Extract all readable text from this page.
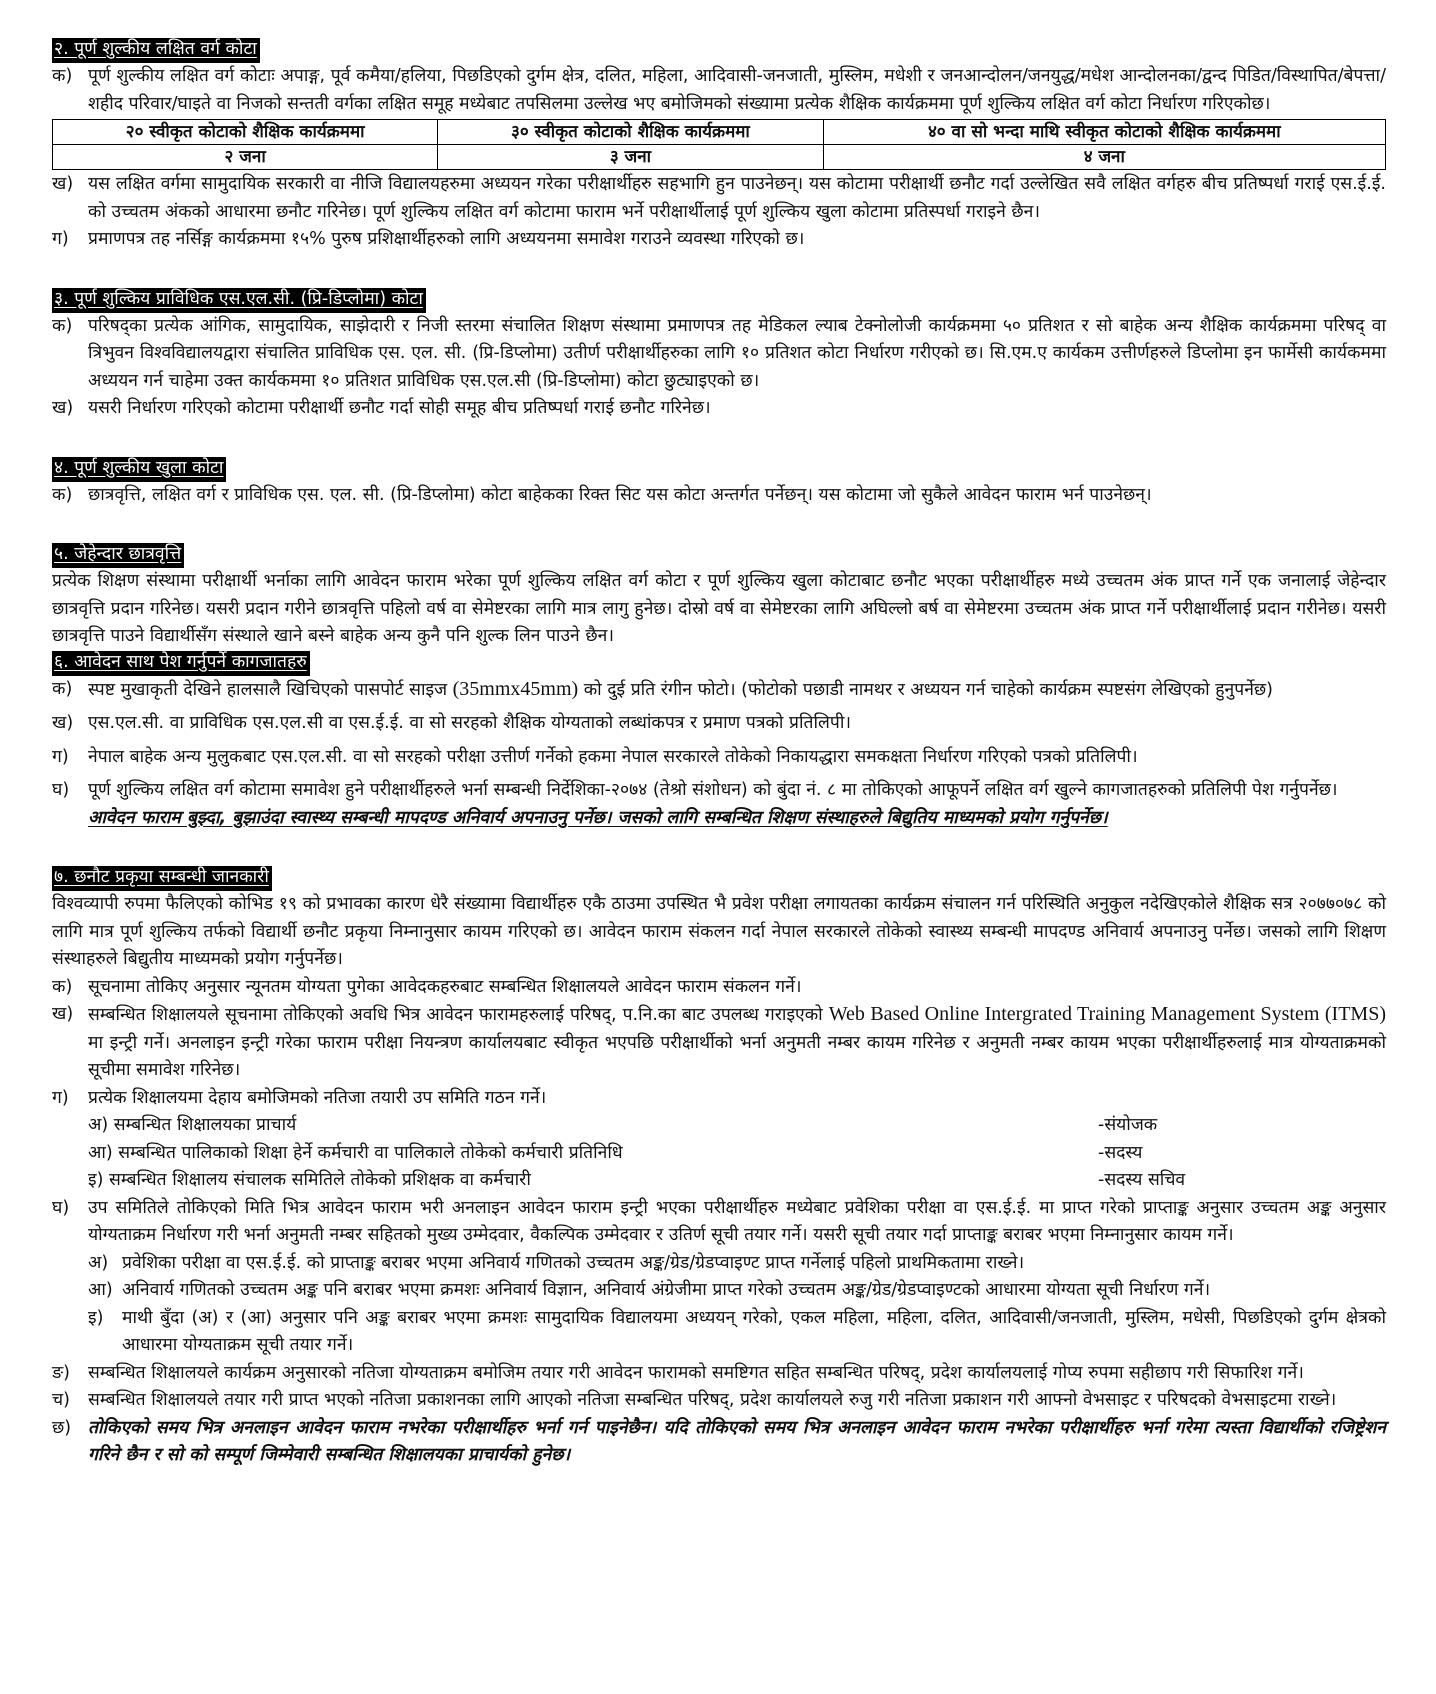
२. पूर्ण शुल्कीय लक्षित वर्ग कोटा
क) पूर्ण शुल्कीय लक्षित वर्ग कोटाः अपाङ्ग, पूर्व कमैया/हलिया, पिछडिएको दुर्गम क्षेत्र, दलित, महिला, आदिवासी-जनजाती, मुस्लिम, मधेशी र जनआन्दोलन/जनयुद्ध/मधेश आन्दोलनका/द्वन्द पिडित/विस्थापित/बेपत्ता/शहीद परिवार/घाइते वा निजको सन्तती वर्गका लक्षित समूह मध्येबाट तपसिलमा उल्लेख भए बमोजिमको संख्यामा प्रत्येक शैक्षिक कार्यक्रममा पूर्ण शुल्किय लक्षित वर्ग कोटा निर्धारण गरिएकोछ।
२० स्वीकृत कोटाको शैक्षिक कार्यक्रममा	३० स्वीकृत कोटाको शैक्षिक कार्यक्रममा	४० वा सो भन्दा माथि स्वीकृत कोटाको शैक्षिक कार्यक्रममा
२ जना	३ जना	४ जना
ख) यस लक्षित वर्गमा सामुदायिक सरकारी वा नीजि विद्यालयहरुमा अध्ययन गरेका परीक्षार्थीहरु सहभागि हुन पाउनेछन्। यस कोटामा परीक्षार्थी छनौट गर्दा उल्लेखित सवै लक्षित वर्गहरु बीच प्रतिष्पर्धा गराई एस.ई.ई. को उच्चतम अंकको आधारमा छनौट गरिनेछ। पूर्ण शुल्किय लक्षित वर्ग कोटामा फाराम भर्ने परीक्षार्थीलाई पूर्ण शुल्किय खुला कोटामा प्रतिस्पर्धा गराइने छैन।
ग) प्रमाणपत्र तह नर्सिङ्ग कार्यक्रममा १५% पुरुष प्रशिक्षार्थीहरुको लागि अध्ययनमा समावेश गराउने व्यवस्था गरिएको छ।
३. पूर्ण शुल्किय प्राविधिक एस.एल.सी. (प्रि-डिप्लोमा) कोटा
क) परिषद्का प्रत्येक आंगिक, सामुदायिक, साझेदारी र निजी स्तरमा संचालित शिक्षण संस्थामा प्रमाणपत्र तह मेडिकल ल्याब टेक्नोलोजी कार्यक्रममा ५० प्रतिशत र सो बाहेक अन्य शैक्षिक कार्यक्रममा परिषद् वा त्रिभुवन विश्वविद्यालयद्वारा संचालित प्राविधिक एस. एल. सी. (प्रि-डिप्लोमा) उतीर्ण परीक्षार्थीहरुका लागि १० प्रतिशत कोटा निर्धारण गरीएको छ। सि.एम.ए कार्यकम उत्तीर्णहरुले डिप्लोमा इन फार्मेसी कार्यकममा अध्ययन गर्न चाहेमा उक्त कार्यकममा १० प्रतिशत प्राविधिक एस.एल.सी (प्रि-डिप्लोमा) कोटा छुट्याइएको छ।
ख) यसरी निर्धारण गरिएको कोटामा परीक्षार्थी छनौट गर्दा सोही समूह बीच प्रतिष्पर्धा गराई छनौट गरिनेछ।
४. पूर्ण शुल्कीय खुला कोटा
क) छात्रवृत्ति, लक्षित वर्ग र प्राविधिक एस. एल. सी. (प्रि-डिप्लोमा) कोटा बाहेकका रिक्त सिट यस कोटा अन्तर्गत पर्नेछन्। यस कोटामा जो सुकैले आवेदन फाराम भर्न पाउनेछन्।
५. जेहेन्दार छात्रवृत्ति
प्रत्येक शिक्षण संस्थामा परीक्षार्थी भर्नाका लागि आवेदन फाराम भरेका पूर्ण शुल्किय लक्षित वर्ग कोटा र पूर्ण शुल्किय खुला कोटाबाट छनौट भएका परीक्षार्थीहरु मध्ये उच्चतम अंक प्राप्त गर्ने एक जनालाई जेहेन्दार छात्रवृत्ति प्रदान गरिनेछ। यसरी प्रदान गरीने छात्रवृत्ति पहिलो वर्ष वा सेमेष्टरका लागि मात्र लागु हुनेछ। दोस्रो वर्ष वा सेमेष्टरका लागि अघिल्लो बर्ष वा सेमेष्टरमा उच्चतम अंक प्राप्त गर्ने परीक्षार्थीलाई प्रदान गरीनेछ। यसरी छात्रवृत्ति पाउने विद्यार्थीसँग संस्थाले खाने बस्ने बाहेक अन्य कुनै पनि शुल्क लिन पाउने छैन।
६. आवेदन साथ पेश गर्नुपर्ने कागजातहरु
क) स्पष्ट मुखाकृती देखिने हालसालै खिचिएको पासपोर्ट साइज (35mmx45mm) को दुई प्रति रंगीन फोटो। (फोटोको पछाडी नामथर र अध्ययन गर्न चाहेको कार्यक्रम स्पष्टसंग लेखिएको हुनुपर्नेछ)
ख) एस.एल.सी. वा प्राविधिक एस.एल.सी वा एस.ई.ई. वा सो सरहको शैक्षिक योग्यताको लब्धांकपत्र र प्रमाण पत्रको प्रतिलिपी।
ग) नेपाल बाहेक अन्य मुलुकबाट एस.एल.सी. वा सो सरहको परीक्षा उत्तीर्ण गर्नेको हकमा नेपाल सरकारले तोकेको निकायद्धारा समकक्षता निर्धारण गरिएको पत्रको प्रतिलिपी।
घ) पूर्ण शुल्किय लक्षित वर्ग कोटामा समावेश हुने परीक्षार्थीहरुले भर्ना सम्बन्धी निर्देशिका-२०७४ (तेश्रो संशोधन) को बुंदा नं. ८ मा तोकिएको आफूपर्ने लक्षित वर्ग खुल्ने कागजातहरुको प्रतिलिपी पेश गर्नुपर्नेछ।
आवेदन फाराम बुझ्दा, बुझाउंदा स्वास्थ्य सम्बन्धी मापदण्ड अनिवार्य अपनाउनु पर्नेछ। जसको लागि सम्बन्धित शिक्षण संस्थाहरुले बिद्युतिय माध्यमको प्रयोग गर्नुपर्नेछ।
७. छनौट प्रकृया सम्बन्धी जानकारी
विश्वव्यापी रुपमा फैलिएको कोभिड १९ को प्रभावका कारण धेरै संख्यामा विद्यार्थीहरु एकै ठाउमा उपस्थित भै प्रवेश परीक्षा लगायतका कार्यक्रम संचालन गर्न परिस्थिति अनुकुल नदेखिएकोले शैक्षिक सत्र २०७७०७८ को लागि मात्र पूर्ण शुल्किय तर्फको विद्यार्थी छनौट प्रकृया निम्नानुसार कायम गरिएको छ। आवेदन फाराम संकलन गर्दा नेपाल सरकारले तोकेको स्वास्थ्य सम्बन्धी मापदण्ड अनिवार्य अपनाउनु पर्नेछ। जसको लागि शिक्षण संस्थाहरुले बिद्युतीय माध्यमको प्रयोग गर्नुपर्नेछ।
क) सूचनामा तोकिए अनुसार न्यूनतम योग्यता पुगेका आवेदकहरुबाट सम्बन्धित शिक्षालयले आवेदन फाराम संकलन गर्ने।
ख) सम्बन्धित शिक्षालयले सूचनामा तोकिएको अवधि भित्र आवेदन फारामहरुलाई परिषद्, प.नि.का बाट उपलब्ध गराइएको Web Based Online Intergrated Training Management System (ITMS) मा इन्ट्री गर्ने। अनलाइन इन्ट्री गरेका फाराम परीक्षा नियन्त्रण कार्यालयबाट स्वीकृत भएपछि परीक्षार्थीको भर्ना अनुमती नम्बर कायम गरिनेछ र अनुमती नम्बर कायम भएका परीक्षार्थीहरुलाई मात्र योग्यताक्रमको सूचीमा समावेश गरिनेछ।
ग) प्रत्येक शिक्षालयमा देहाय बमोजिमको नतिजा तयारी उप समिति गठन गर्ने।
अ) सम्बन्धित शिक्षालयका प्राचार्य	-संयोजक
आ) सम्बन्धित पालिकाको शिक्षा हेर्ने कर्मचारी वा पालिकाले तोकेको कर्मचारी प्रतिनिधि	-सदस्य
इ) सम्बन्धित शिक्षालय संचालक समितिले तोकेको प्रशिक्षक वा कर्मचारी	-सदस्य सचिव
घ) उप समितिले तोकिएको मिति भित्र आवेदन फाराम भरी अनलाइन आवेदन फाराम इन्ट्री भएका परीक्षार्थीहरु मध्येबाट प्रवेशिका परीक्षा वा एस.ई.ई. मा प्राप्त गरेको प्राप्ताङ्क अनुसार उच्चतम अङ्क अनुसार योग्यताक्रम निर्धारण गरी भर्ना अनुमती नम्बर सहितको मुख्य उम्मेदवार, वैकल्पिक उम्मेदवार र उतिर्ण सूची तयार गर्ने। यसरी सूची तयार गर्दा प्राप्ताङ्क बराबर भएमा निम्नानुसार कायम गर्ने।
अ) प्रवेशिका परीक्षा वा एस.ई.ई. को प्राप्ताङ्क बराबर भएमा अनिवार्य गणितको उच्चतम अङ्क/ग्रेड/ग्रेडप्वाइण्ट प्राप्त गर्नेलाई पहिलो प्राथमिकतामा राख्ने।
आ) अनिवार्य गणितको उच्चतम अङ्क पनि बराबर भएमा क्रमशः अनिवार्य विज्ञान, अनिवार्य अंग्रेजीमा प्राप्त गरेको उच्चतम अङ्क/ग्रेड/ग्रेडप्वाइण्टको आधारमा योग्यता सूची निर्धारण गर्ने।
इ) माथी बुँदा (अ) र (आ) अनुसार पनि अङ्क बराबर भएमा क्रमशः सामुदायिक विद्यालयमा अध्ययन् गरेको, एकल महिला, महिला, दलित, आदिवासी/जनजाती, मुस्लिम, मधेसी, पिछडिएको दुर्गम क्षेत्रको आधारमा योग्यताक्रम सूची तयार गर्ने।
ङ) सम्बन्धित शिक्षालयले कार्यक्रम अनुसारको नतिजा योग्यताक्रम बमोजिम तयार गरी आवेदन फारामको समष्टिगत सहित सम्बन्धित परिषद्, प्रदेश कार्यालयलाई गोप्य रुपमा सहीछाप गरी सिफारिश गर्ने।
च) सम्बन्धित शिक्षालयले तयार गरी प्राप्त भएको नतिजा प्रकाशनका लागि आएको नतिजा सम्बन्धित परिषद्, प्रदेश कार्यालयले रुजु गरी नतिजा प्रकाशन गरी आफ्नो वेभसाइट र परिषदको वेभसाइटमा राख्ने।
छ) तोकिएको समय भित्र अनलाइन आवेदन फाराम नभरेका परीक्षार्थीहरु भर्ना गर्न पाइनेछैन। यदि तोकिएको समय भित्र अनलाइन आवेदन फाराम नभरेका परीक्षार्थीहरु भर्ना गरेमा त्यस्ता विद्यार्थीको रजिष्ट्रेशन गरिने छैन र सो को सम्पूर्ण जिम्मेवारी सम्बन्धित शिक्षालयका प्राचार्यको हुनेछ।
